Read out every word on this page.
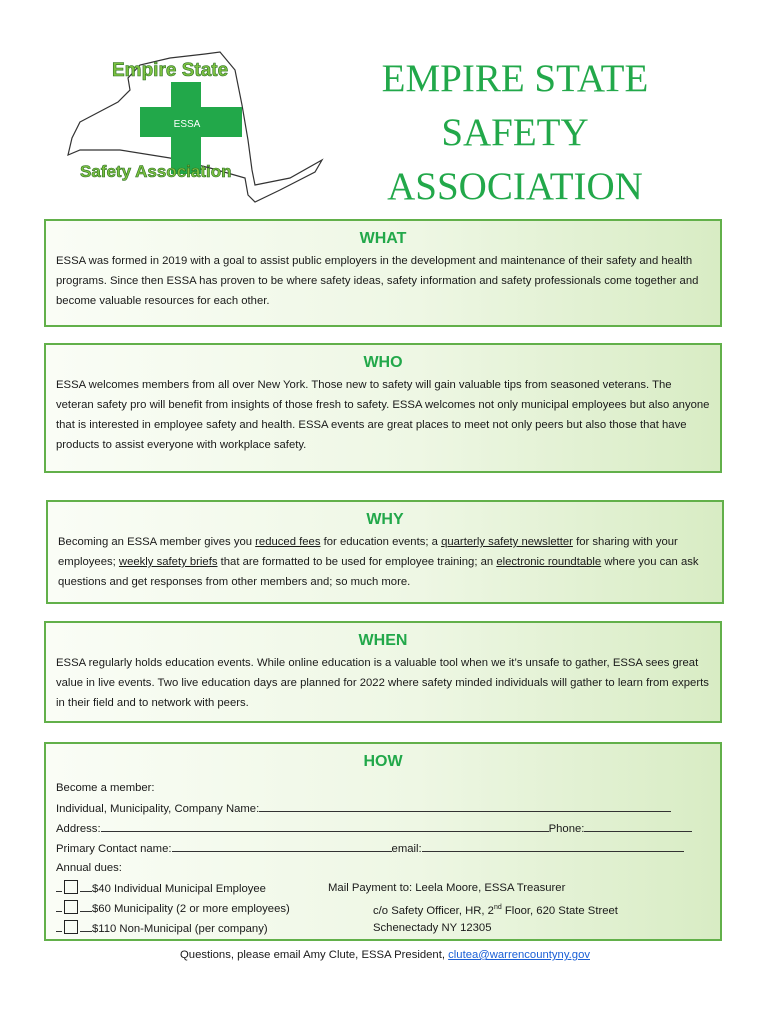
Empire State
ESSA
Safety Association
EMPIRE STATE
SAFETY
ASSOCIATION
WHAT

ESSA was formed in 2019 with a goal to assist public employers in the development and maintenance of their safety and health programs. Since then ESSA has proven to be where safety ideas, safety information and safety professionals come together and become valuable resources for each other.

WHO

ESSA welcomes members from all over New York. Those new to safety will gain valuable tips from seasoned veterans. The veteran safety pro will benefit from insights of those fresh to safety. ESSA welcomes not only municipal employees but also anyone that is interested in employee safety and health. ESSA events are great places to meet not only peers but also those that have products to assist everyone with workplace safety.

WHY

Becoming an ESSA member gives you reduced fees for education events; a quarterly safety newsletter for sharing with your employees; weekly safety briefs that are formatted to be used for employee training; an electronic roundtable where you can ask questions and get responses from other members and; so much more.

WHEN

ESSA regularly holds education events. While online education is a valuable tool when we it’s unsafe to gather, ESSA sees great value in live events. Two live education days are planned for 2022 where safety minded individuals will gather to learn from experts in their field and to network with peers.

HOW
Become a member:
Individual, Municipality, Company Name:
Address:	Phone:
Primary Contact name:	email:
Annual dues:
$40 Individual Municipal Employee	Mail Payment to: Leela Moore, ESSA Treasurer
$60 Municipality (2 or more employees)	c/o Safety Officer, HR, 2nd Floor, 620 State Street
$110 Non-Municipal (per company)	Schenectady NY 12305
Questions, please email Amy Clute, ESSA President, clutea@warrencountyny.gov
